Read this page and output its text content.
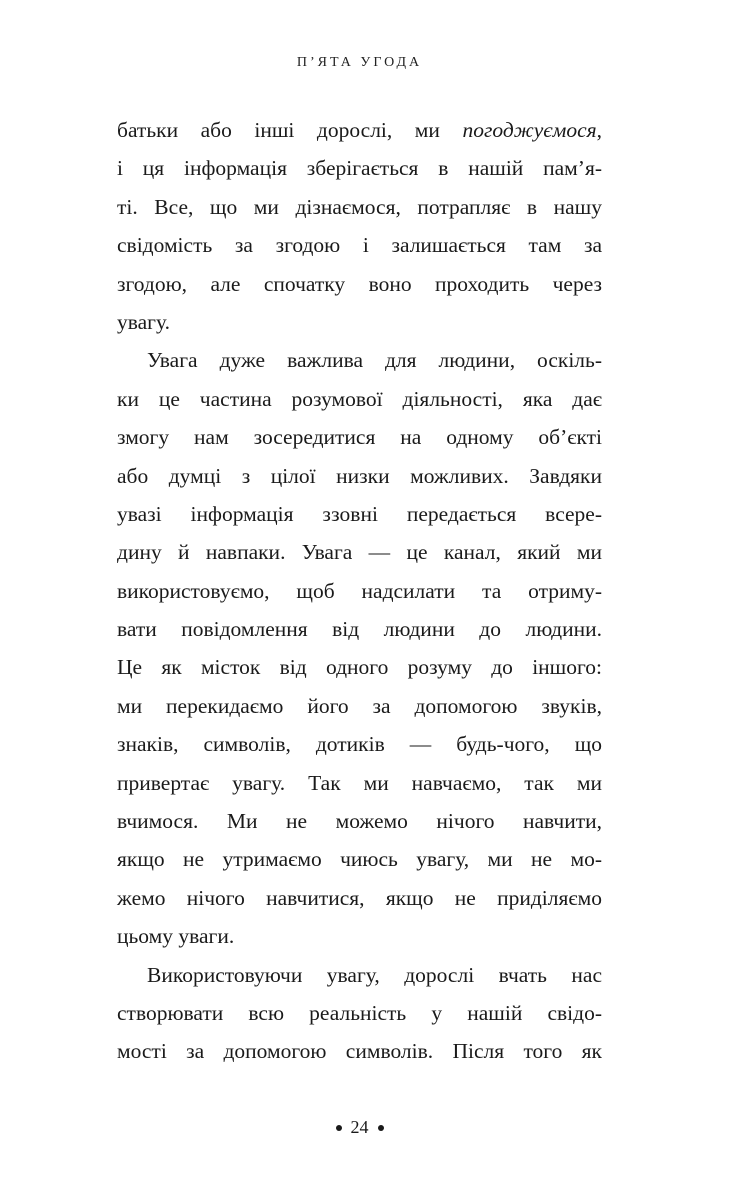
П’ЯТА УГОДА
батьки або інші дорослі, ми погоджуємося,
і ця інформація зберігається в нашій пам’я-
ті. Все, що ми дізнаємося, потрапляє в нашу
свідомість за згодою і залишається там за
згодою, але спочатку воно проходить через
увагу.
Увага дуже важлива для людини, оскіль-
ки це частина розумової діяльності, яка дає
змогу нам зосередитися на одному об’єкті
або думці з цілої низки можливих. Завдяки
увазі інформація ззовні передається всере-
дину й навпаки. Увага — це канал, який ми
використовуємо, щоб надсилати та отриму-
вати повідомлення від людини до людини.
Це як місток від одного розуму до іншого:
ми перекидаємо його за допомогою звуків,
знаків, символів, дотиків — будь-чого, що
привертає увагу. Так ми навчаємо, так ми
вчимося. Ми не можемо нічого навчити,
якщо не утримаємо чиюсь увагу, ми не мо-
жемо нічого навчитися, якщо не приділяємо
цьому уваги.
Використовуючи увагу, дорослі вчать нас
створювати всю реальність у нашій свідо-
мості за допомогою символів. Після того як
24
